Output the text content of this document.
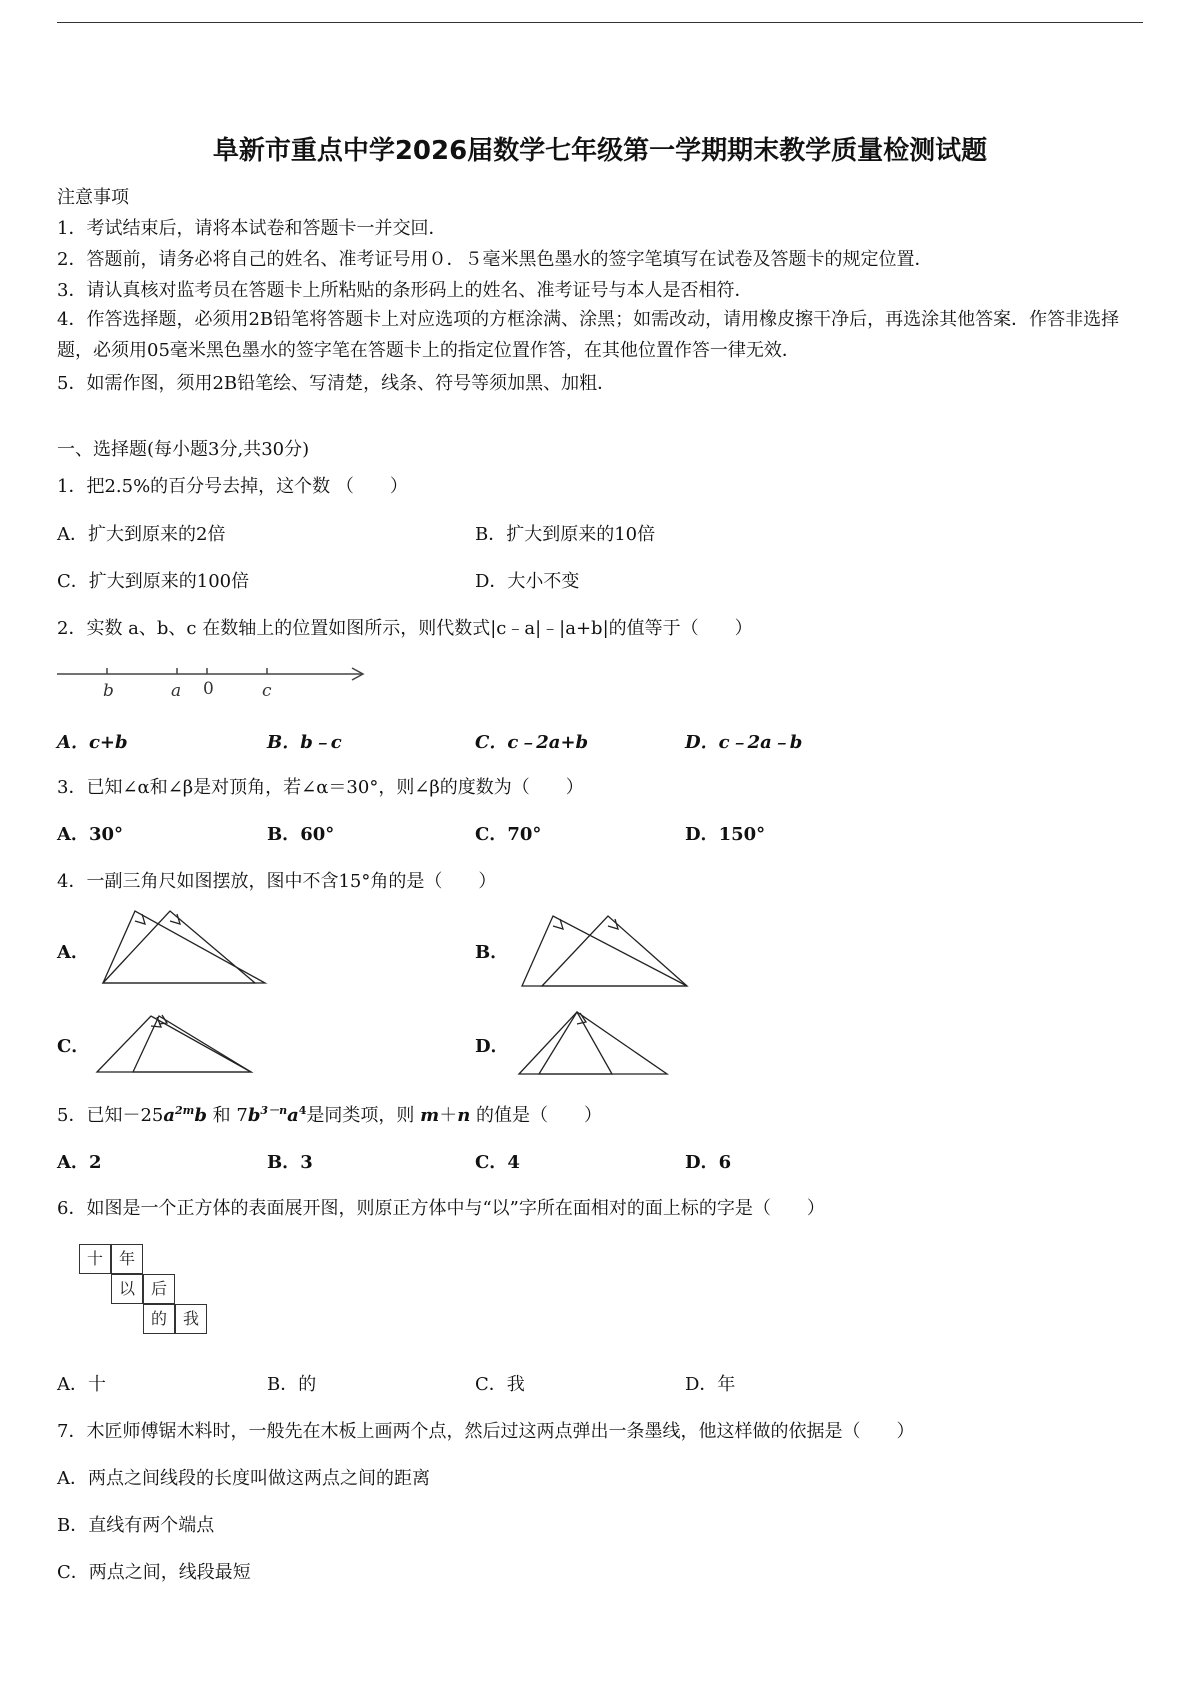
阜新市重点中学2026届数学七年级第一学期期末教学质量检测试题
注意事项
1．考试结束后，请将本试卷和答题卡一并交回．
2．答题前，请务必将自己的姓名、准考证号用０．５毫米黑色墨水的签字笔填写在试卷及答题卡的规定位置．
3．请认真核对监考员在答题卡上所粘贴的条形码上的姓名、准考证号与本人是否相符．
4．作答选择题，必须用2B铅笔将答题卡上对应选项的方框涂满、涂黑；如需改动，请用橡皮擦干净后，再选涂其他答案．作答非选择题，必须用05毫米黑色墨水的签字笔在答题卡上的指定位置作答，在其他位置作答一律无效．
5．如需作图，须用2B铅笔绘、写清楚，线条、符号等须加黑、加粗．
一、选择题(每小题3分,共30分)
1．把2.5%的百分号去掉，这个数 （　　）
A．扩大到原来的2倍	B．扩大到原来的10倍
C．扩大到原来的100倍	D．大小不变
2．实数 a、b、c 在数轴上的位置如图所示，则代数式|c﹣a|﹣|a+b|的值等于（　　）
b	a 0	c
A．c+b	B．b﹣c	C．c﹣2a+b	D．c﹣2a﹣b
3．已知∠α和∠β是对顶角，若∠α＝30°，则∠β的度数为（　　）
A．30°	B．60°	C．70°	D．150°
4．一副三角尺如图摆放，图中不含15°角的是（　　）
A．	B．
C．	D．
5．已知$-25a^{2m}b$ 和 $7b^{3-n}a^4$是同类项，则 m＋n 的值是（　　）
A．2	B．3	C．4	D．6
6．如图是一个正方体的表面展开图，则原正方体中与“以”字所在面相对的面上标的字是（　　）
十 年
以 后
的 我
A．十	B．的	C．我	D．年
7．木匠师傅锯木料时，一般先在木板上画两个点，然后过这两点弹出一条墨线，他这样做的依据是（　　）
A．两点之间线段的长度叫做这两点之间的距离
B．直线有两个端点
C．两点之间，线段最短
